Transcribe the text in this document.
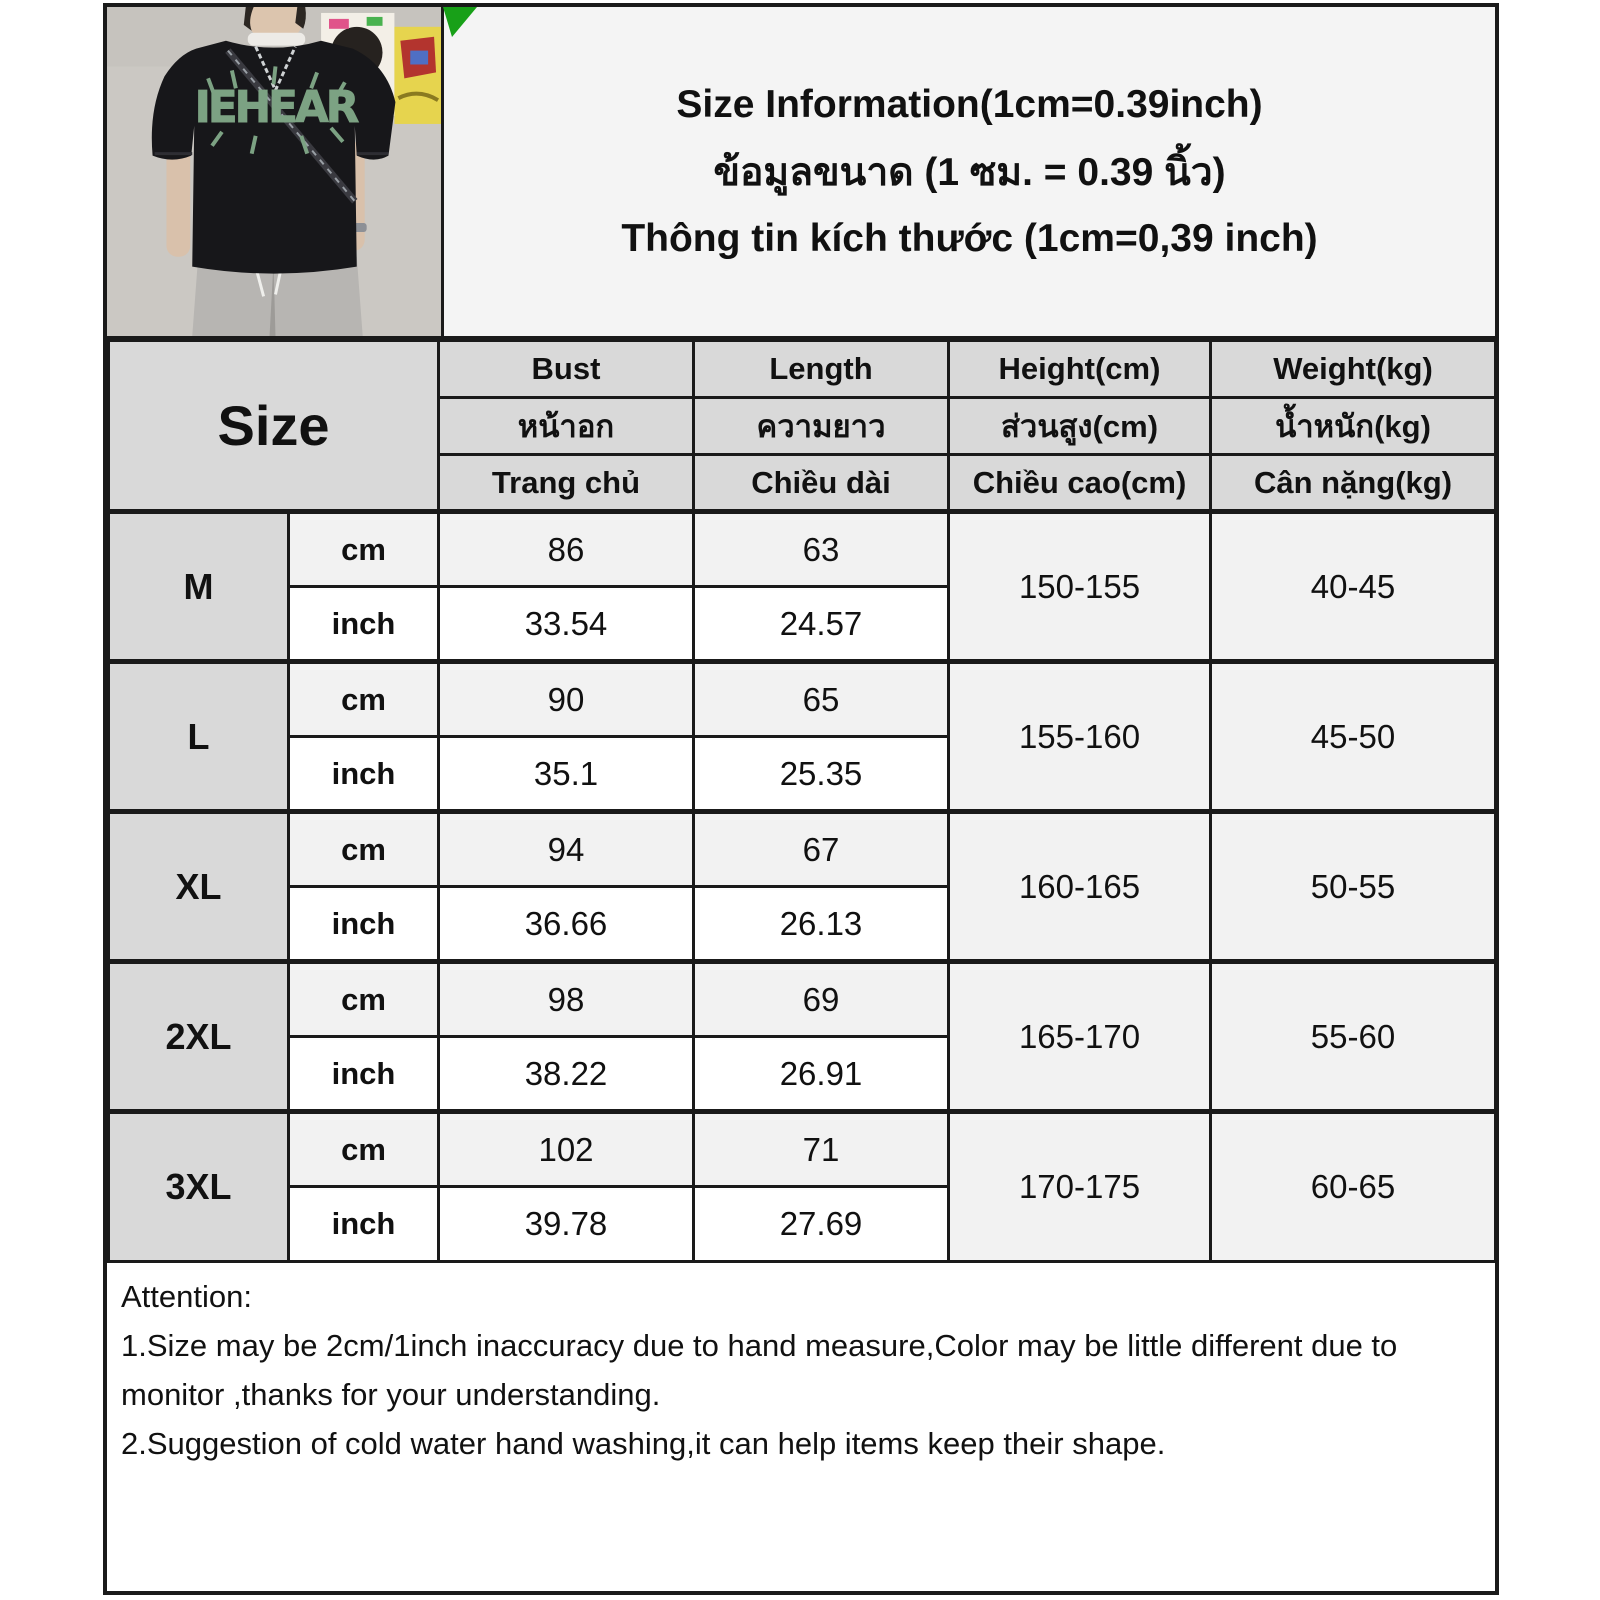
IEHEAR	Size Information(1cm=0.39inch)
ข้อมูลขนาด (1 ซม. = 0.39 นิ้ว)
Thông tin kích thước (1cm=0,39 inch)
Size		Bust	Length	Height(cm)	Weight(kg)
		หน้าอก	ความยาว	ส่วนสูง(cm)	น้ำหนัก(kg)
		Trang chủ	Chiều dài	Chiều cao(cm)	Cân nặng(kg)
M	cm	86	63	150-155	40-45
	inch	33.54	24.57		
L	cm	90	65	155-160	45-50
	inch	35.1	25.35		
XL	cm	94	67	160-165	50-55
	inch	36.66	26.13		
2XL	cm	98	69	165-170	55-60
	inch	38.22	26.91		
3XL	cm	102	71	170-175	60-65
	inch	39.78	27.69		
Attention:
1.Size may be 2cm/1inch inaccuracy due to hand measure,Color may be little different due to monitor ,thanks for your understanding.
2.Suggestion of cold water hand washing,it can help items keep their shape.
